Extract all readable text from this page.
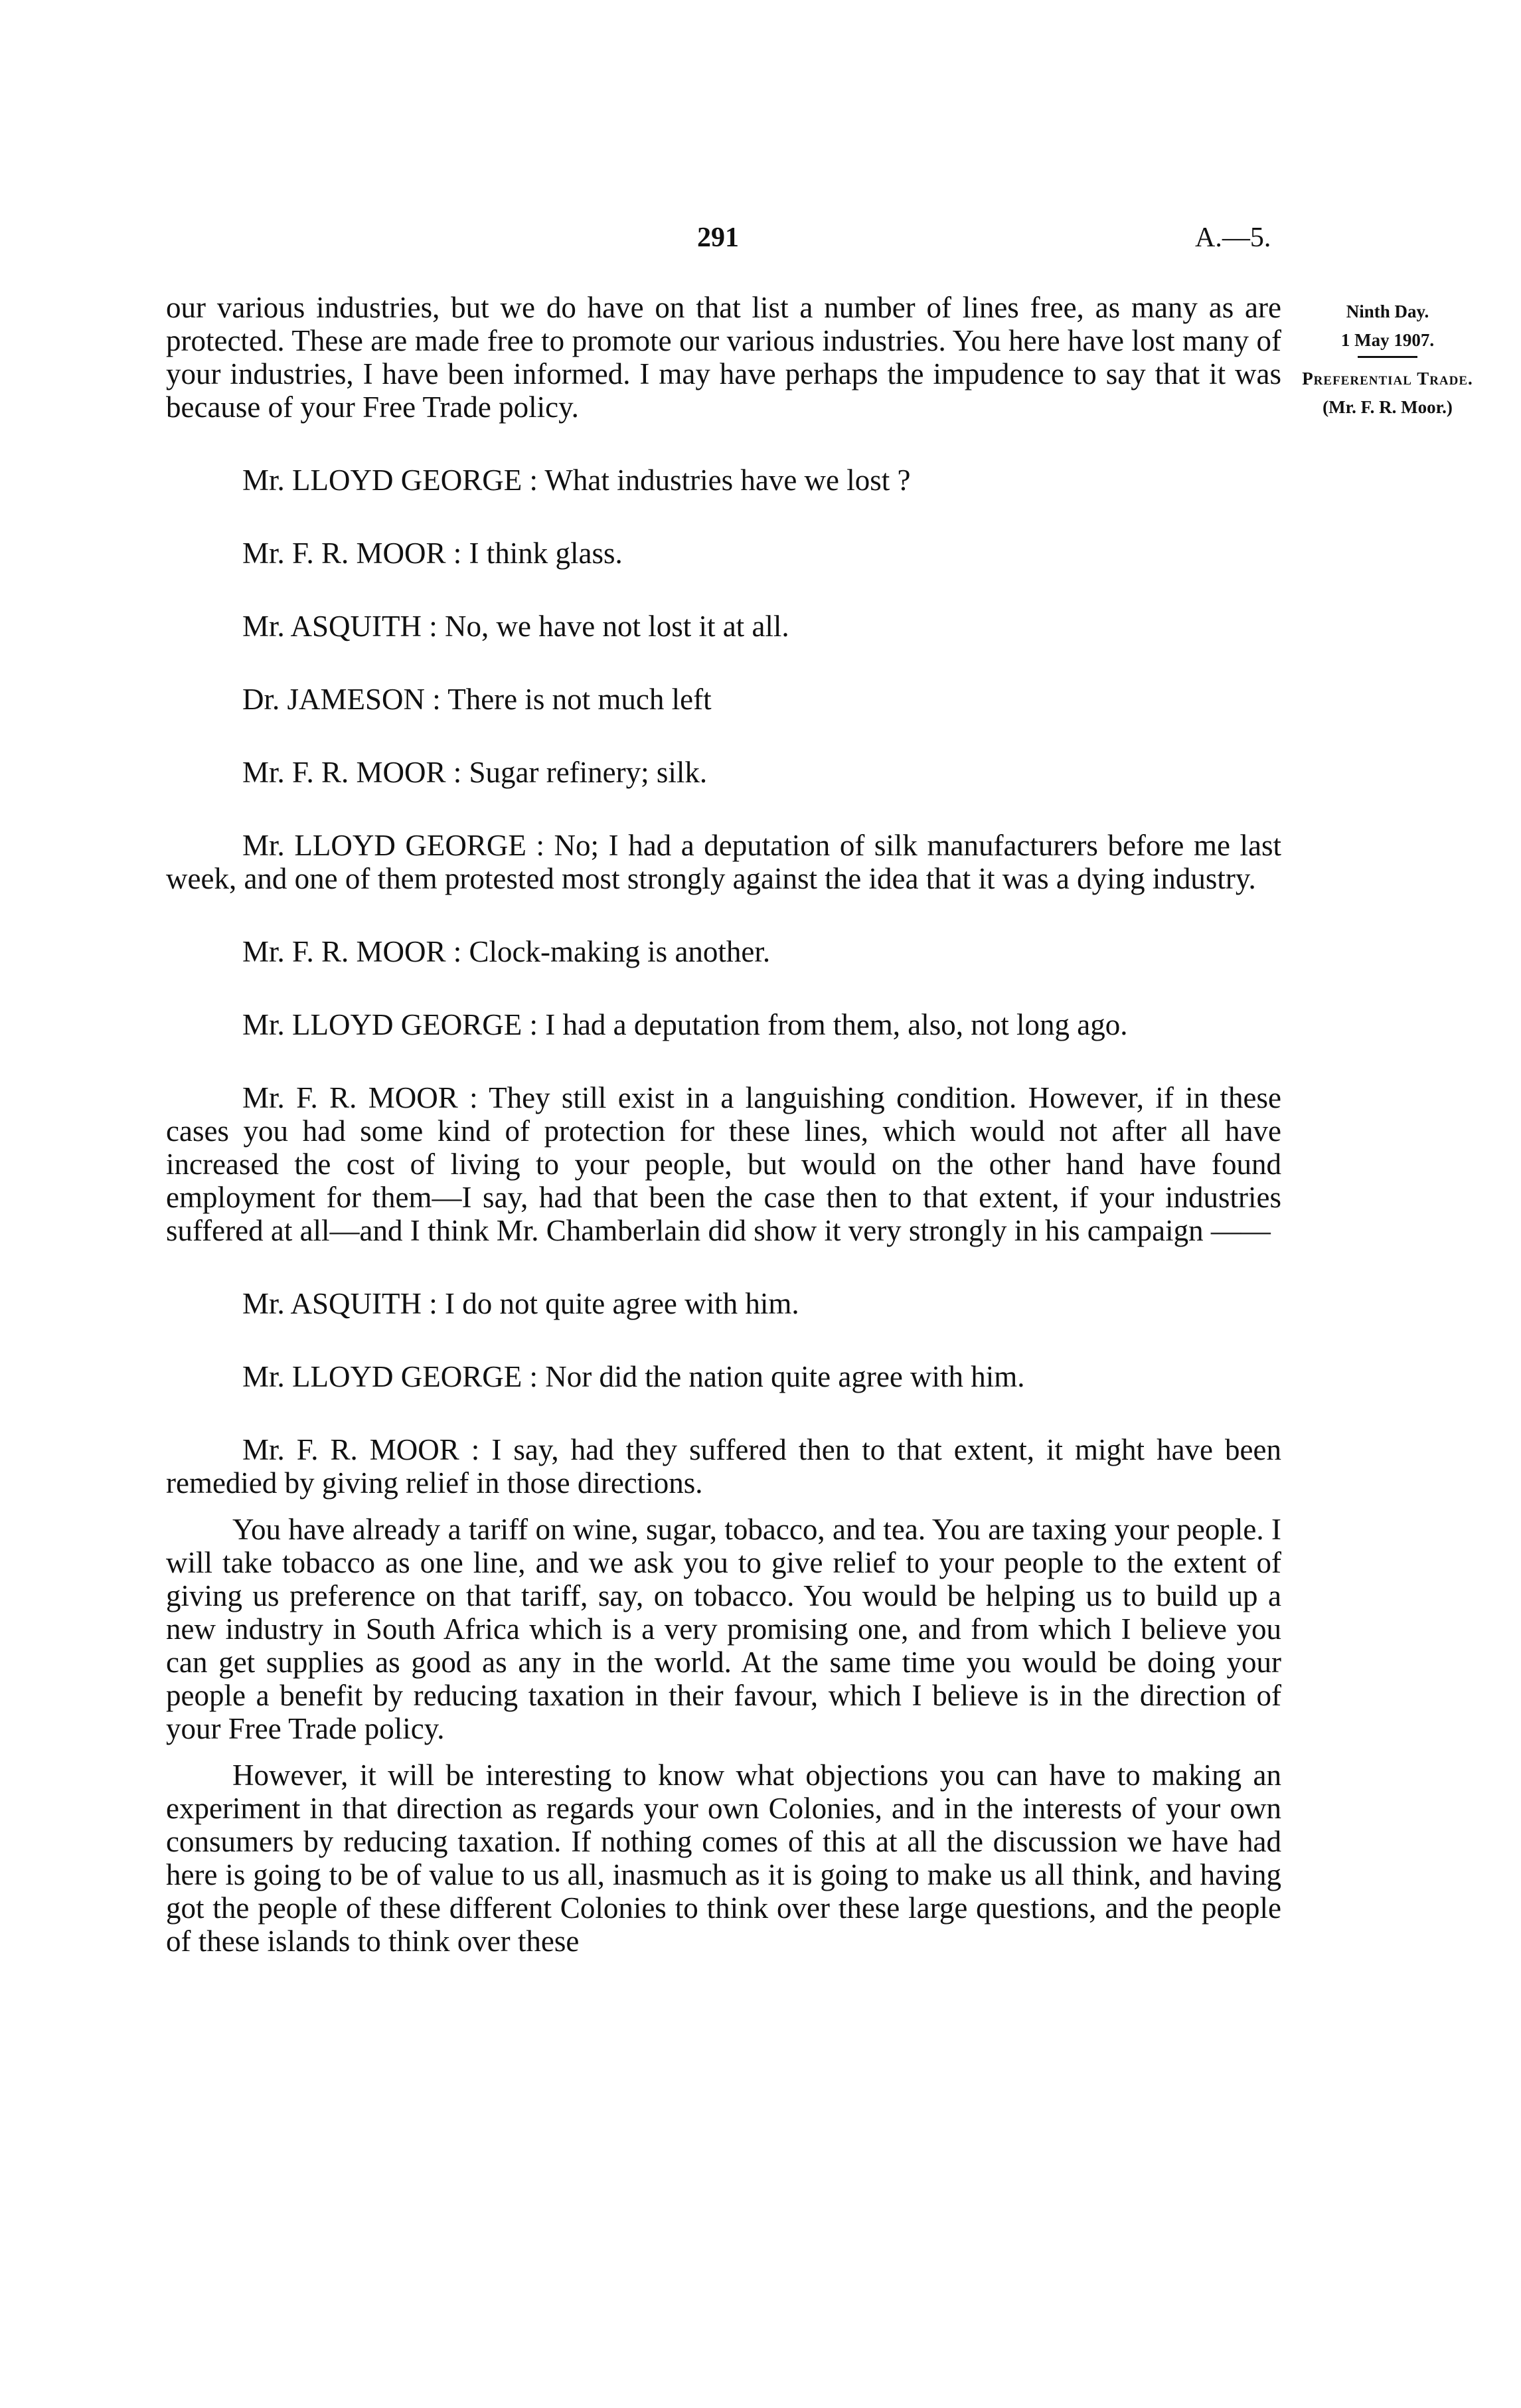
291	A.—5.
Ninth Day.
1 May 1907.
Preferential Trade.
(Mr. F. R. Moor.)

our various industries, but we do have on that list a number of lines free, as many as are protected. These are made free to promote our various industries. You here have lost many of your industries, I have been informed. I may have perhaps the impudence to say that it was because of your Free Trade policy.

Mr. LLOYD GEORGE : What industries have we lost ?

Mr. F. R. MOOR : I think glass.

Mr. ASQUITH : No, we have not lost it at all.

Dr. JAMESON : There is not much left

Mr. F. R. MOOR : Sugar refinery; silk.

Mr. LLOYD GEORGE : No; I had a deputation of silk manufacturers before me last week, and one of them protested most strongly against the idea that it was a dying industry.

Mr. F. R. MOOR : Clock-making is another.

Mr. LLOYD GEORGE : I had a deputation from them, also, not long ago.

Mr. F. R. MOOR : They still exist in a languishing condition. However, if in these cases you had some kind of protection for these lines, which would not after all have increased the cost of living to your people, but would on the other hand have found employment for them—I say, had that been the case then to that extent, if your industries suffered at all—and I think Mr. Chamberlain did show it very strongly in his campaign ——

Mr. ASQUITH : I do not quite agree with him.

Mr. LLOYD GEORGE : Nor did the nation quite agree with him.

Mr. F. R. MOOR : I say, had they suffered then to that extent, it might have been remedied by giving relief in those directions.

You have already a tariff on wine, sugar, tobacco, and tea. You are taxing your people. I will take tobacco as one line, and we ask you to give relief to your people to the extent of giving us preference on that tariff, say, on tobacco. You would be helping us to build up a new industry in South Africa which is a very promising one, and from which I believe you can get supplies as good as any in the world. At the same time you would be doing your people a benefit by reducing taxation in their favour, which I believe is in the direction of your Free Trade policy.

However, it will be interesting to know what objections you can have to making an experiment in that direction as regards your own Colonies, and in the interests of your own consumers by reducing taxation. If nothing comes of this at all the discussion we have had here is going to be of value to us all, inasmuch as it is going to make us all think, and having got the people of these different Colonies to think over these large questions, and the people of these islands to think over these
